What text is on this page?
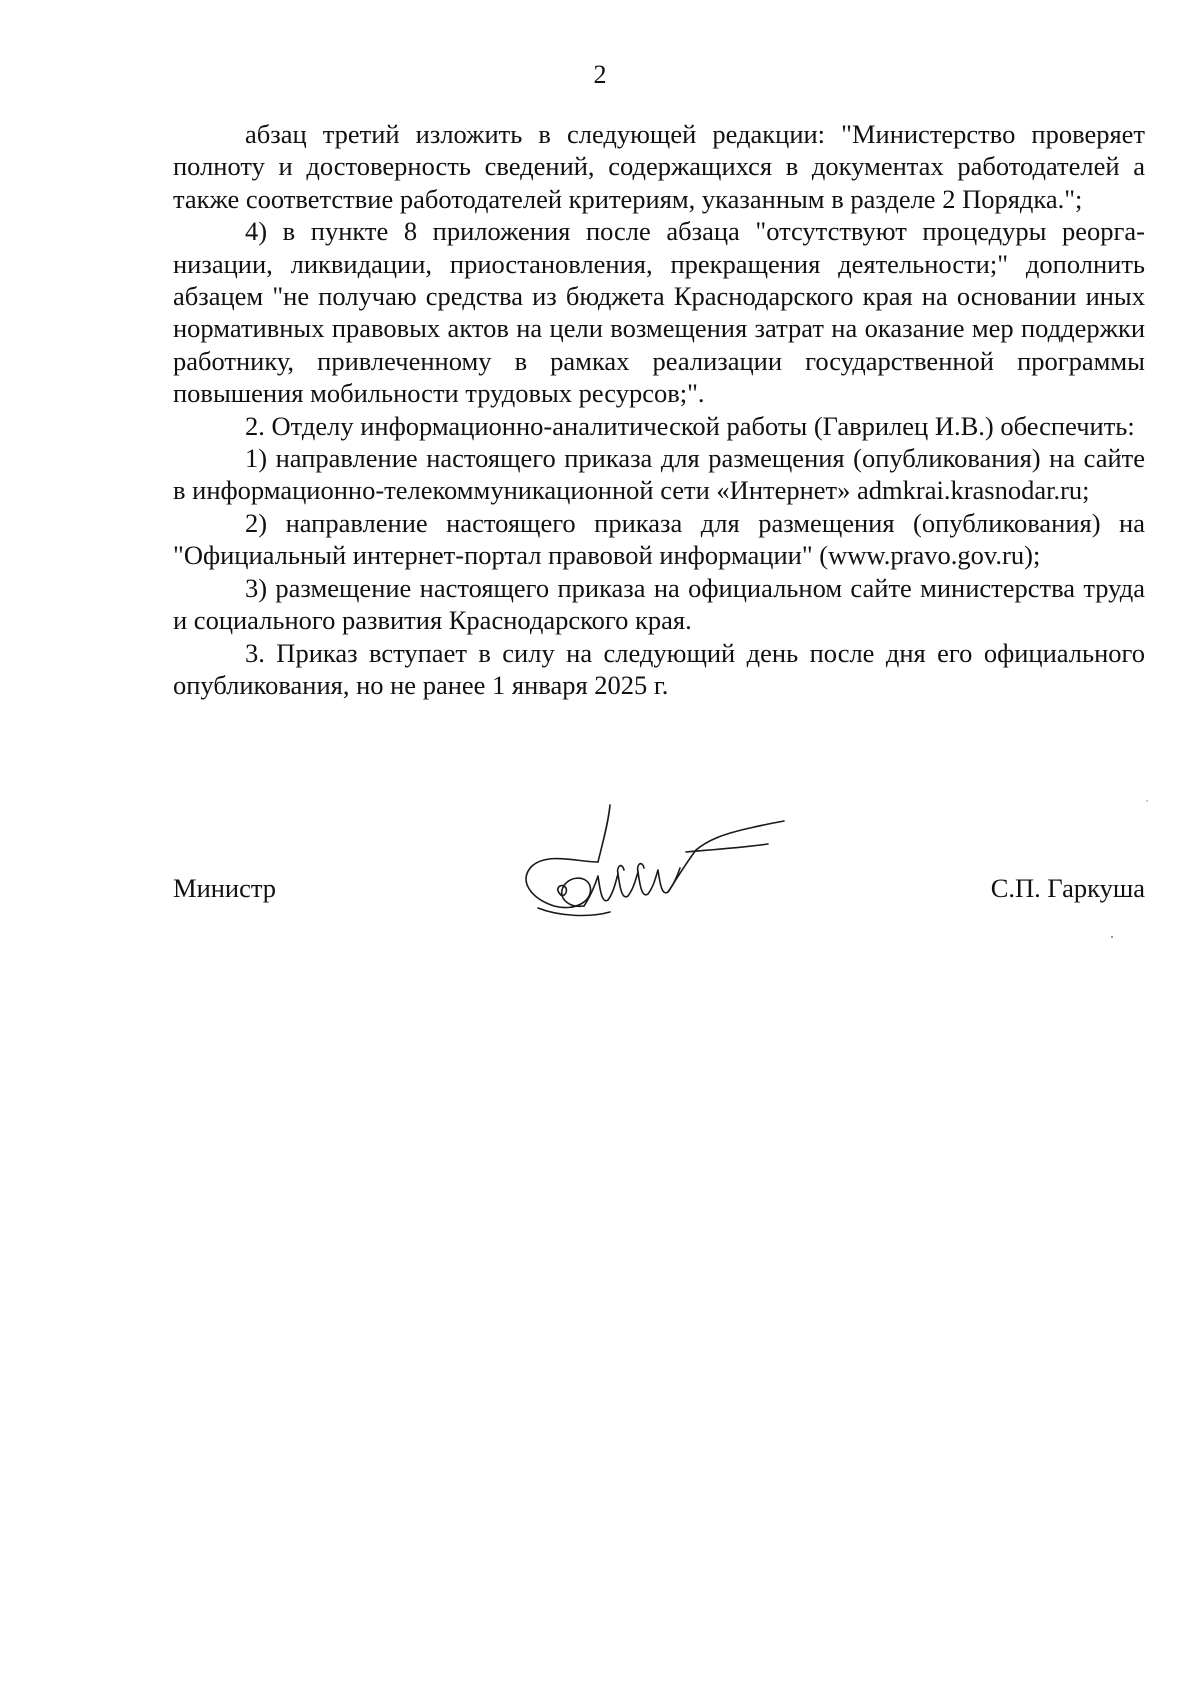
2

абзац третий изложить в следующей редакции: "Министерство проверяет полноту и достоверность сведений, содержащихся в документах работодателей а также соответствие работодателей критериям, указанным в разделе 2 Порядка.";

4) в пункте 8 приложения после абзаца "отсутствуют процедуры реорганизации, ликвидации, приостановления, прекращения деятельности;" дополнить абзацем "не получаю средства из бюджета Краснодарского края на основании иных нормативных правовых актов на цели возмещения затрат на оказание мер поддержки работнику, привлеченному в рамках реализации государственной программы повышения мобильности трудовых ресурсов;".

2. Отделу информационно-аналитической работы (Гаврилец И.В.) обеспечить:

1) направление настоящего приказа для размещения (опубликования) на сайте в информационно-телекоммуникационной сети «Интернет» admkrai.krasnodar.ru;

2) направление настоящего приказа для размещения (опубликования) на "Официальный интернет-портал правовой информации" (www.pravo.gov.ru);

3) размещение настоящего приказа на официальном сайте министерства труда и социального развития Краснодарского края.

3. Приказ вступает в силу на следующий день после дня его официального опубликования, но не ранее 1 января 2025 г.

Министр	С.П. Гаркуша
